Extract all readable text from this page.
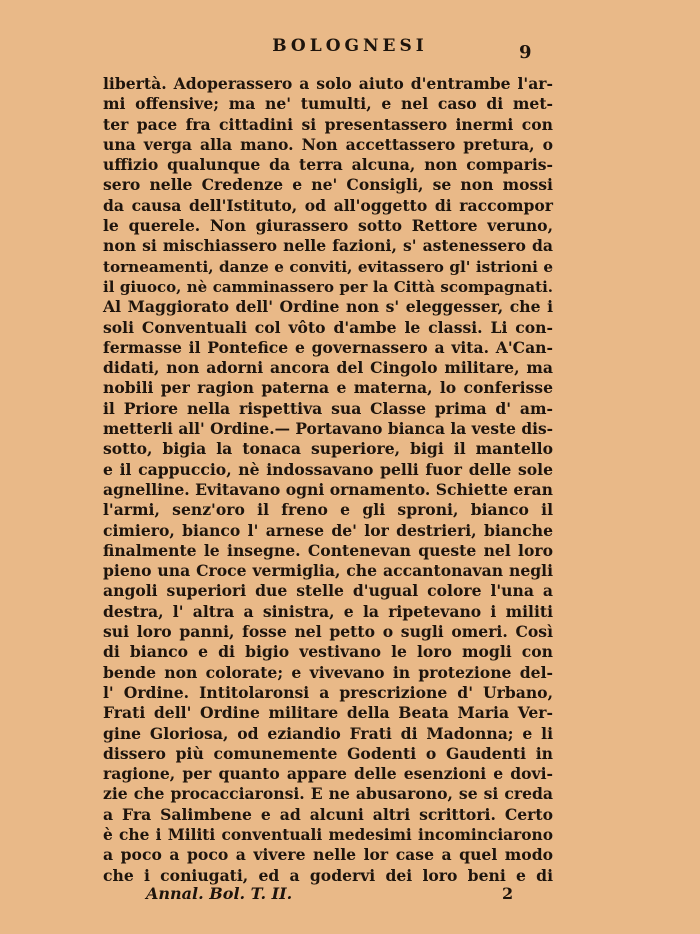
BOLOGNESI	9
libertà. Adoperassero a solo aiuto d'entrambe l'ar-
mi offensive; ma ne' tumulti, e nel caso di met-
ter pace fra cittadini si presentassero inermi con
una verga alla mano. Non accettassero pretura, o
uffizio qualunque da terra alcuna, non comparis-
sero nelle Credenze e ne' Consigli, se non mossi
da causa dell'Istituto, od all'oggetto di raccompor
le querele. Non giurassero sotto Rettore veruno,
non si mischiassero nelle fazioni, s' astenessero da
torneamenti, danze e conviti, evitassero gl' istrioni e
il giuoco, nè camminassero per la Città scompagnati.
Al Maggiorato dell' Ordine non s' eleggesser, che i
soli Conventuali col vôto d'ambe le classi. Li con-
fermasse il Pontefice e governassero a vita. A'Can-
didati, non adorni ancora del Cingolo militare, ma
nobili per ragion paterna e materna, lo conferisse
il Priore nella rispettiva sua Classe prima d' am-
metterli all' Ordine.— Portavano bianca la veste dis-
sotto, bigia la tonaca superiore, bigi il mantello
e il cappuccio, nè indossavano pelli fuor delle sole
agnelline. Evitavano ogni ornamento. Schiette eran
l'armi, senz'oro il freno e gli sproni, bianco il
cimiero, bianco l' arnese de' lor destrieri, bianche
finalmente le insegne. Contenevan queste nel loro
pieno una Croce vermiglia, che accantonavan negli
angoli superiori due stelle d'ugual colore l'una a
destra, l' altra a sinistra, e la ripetevano i militi
sui loro panni, fosse nel petto o sugli omeri. Così
di bianco e di bigio vestivano le loro mogli con
bende non colorate; e vivevano in protezione del-
l' Ordine. Intitolaronsi a prescrizione d' Urbano,
Frati dell' Ordine militare della Beata Maria Ver-
gine Gloriosa, od eziandio Frati di Madonna; e li
dissero più comunemente Godenti o Gaudenti in
ragione, per quanto appare delle esenzioni e dovi-
zie che procacciaronsi. E ne abusarono, se si creda
a Fra Salimbene e ad alcuni altri scrittori. Certo
è che i Militi conventuali medesimi incominciarono
a poco a poco a vivere nelle lor case a quel modo
che i coniugati, ed a godervi dei loro beni e di
Annal. Bol. T. II.	2
